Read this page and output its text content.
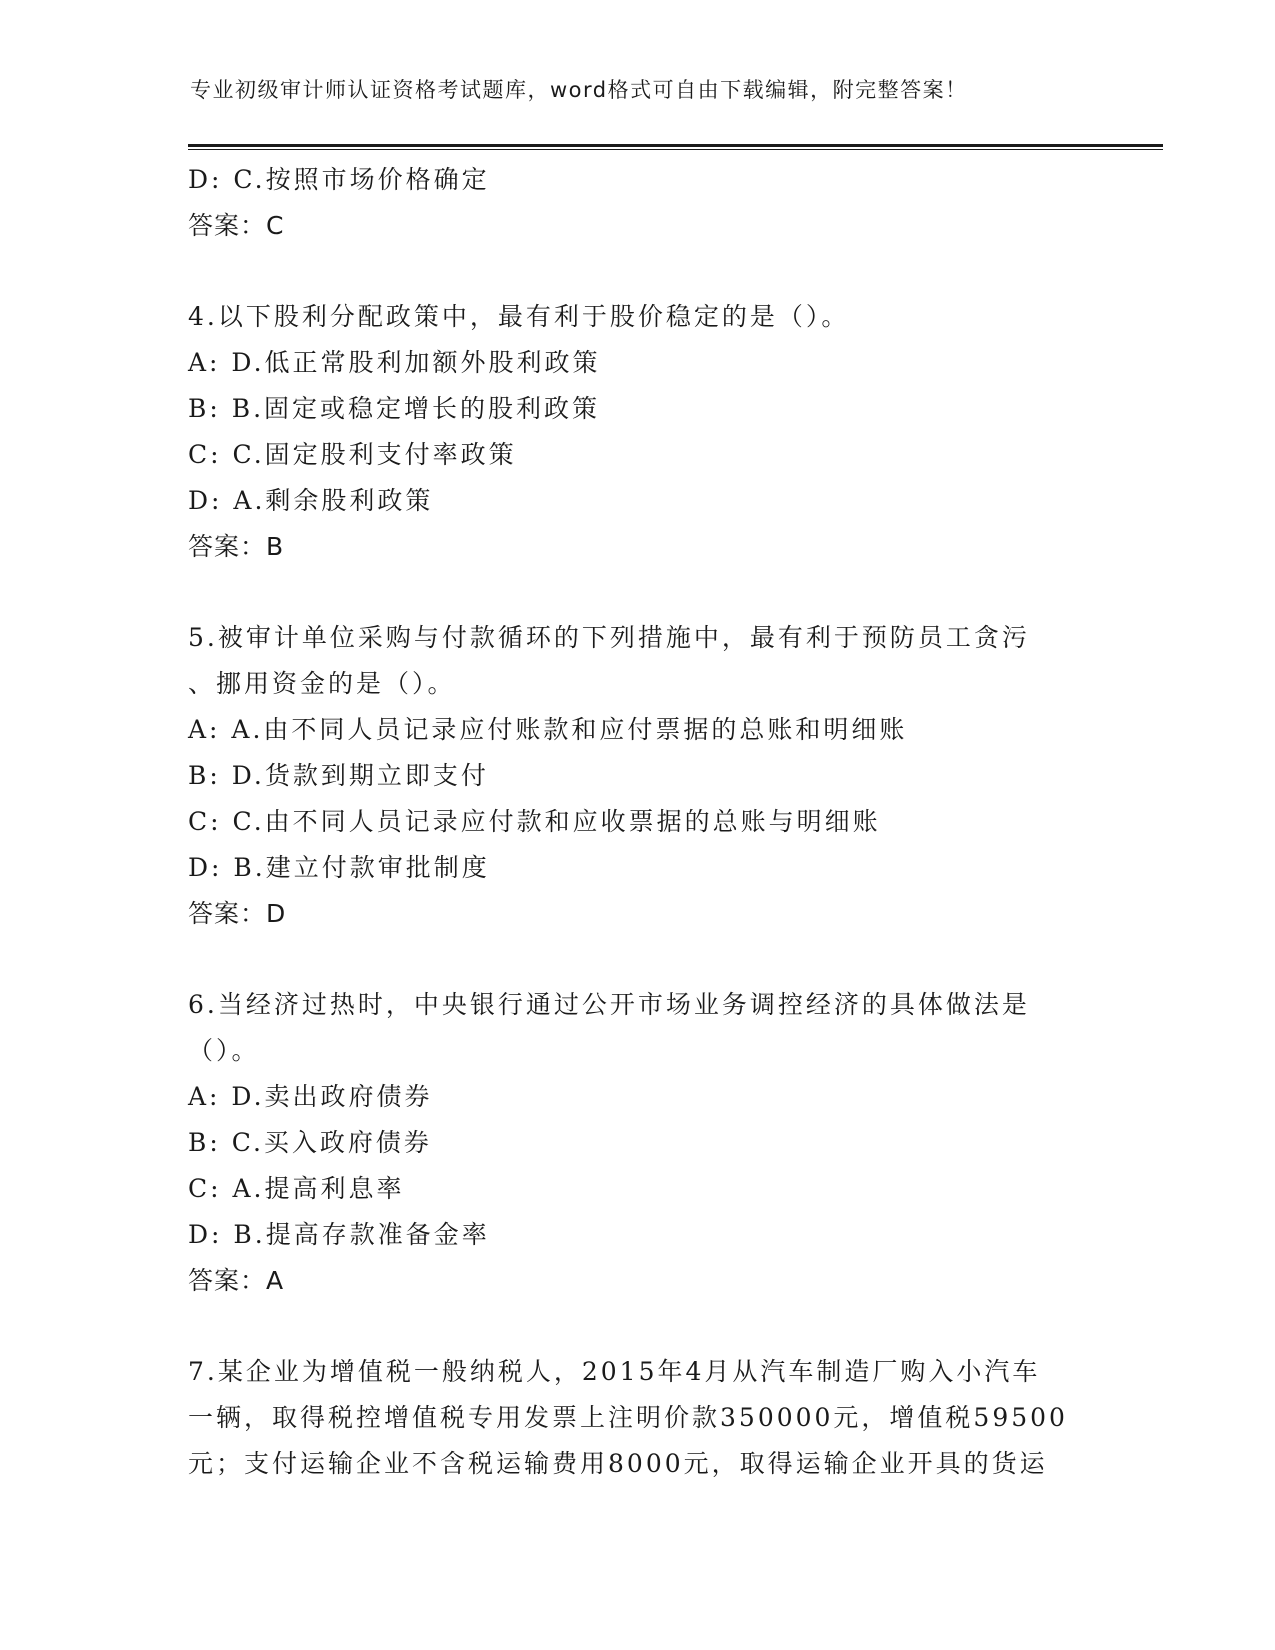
专业初级审计师认证资格考试题库，word格式可自由下载编辑，附完整答案！
D: C.按照市场价格确定
答案：C
4.以下股利分配政策中，最有利于股价稳定的是（）。
A: D.低正常股利加额外股利政策
B: B.固定或稳定增长的股利政策
C: C.固定股利支付率政策
D: A.剩余股利政策
答案：B
5.被审计单位采购与付款循环的下列措施中，最有利于预防员工贪污
、挪用资金的是（）。
A: A.由不同人员记录应付账款和应付票据的总账和明细账
B: D.货款到期立即支付
C: C.由不同人员记录应付款和应收票据的总账与明细账
D: B.建立付款审批制度
答案：D
6.当经济过热时，中央银行通过公开市场业务调控经济的具体做法是
（）。
A: D.卖出政府债券
B: C.买入政府债券
C: A.提高利息率
D: B.提高存款准备金率
答案：A
7.某企业为增值税一般纳税人，2015年4月从汽车制造厂购入小汽车
一辆，取得税控增值税专用发票上注明价款350000元，增值税59500
元；支付运输企业不含税运输费用8000元，取得运输企业开具的货运
